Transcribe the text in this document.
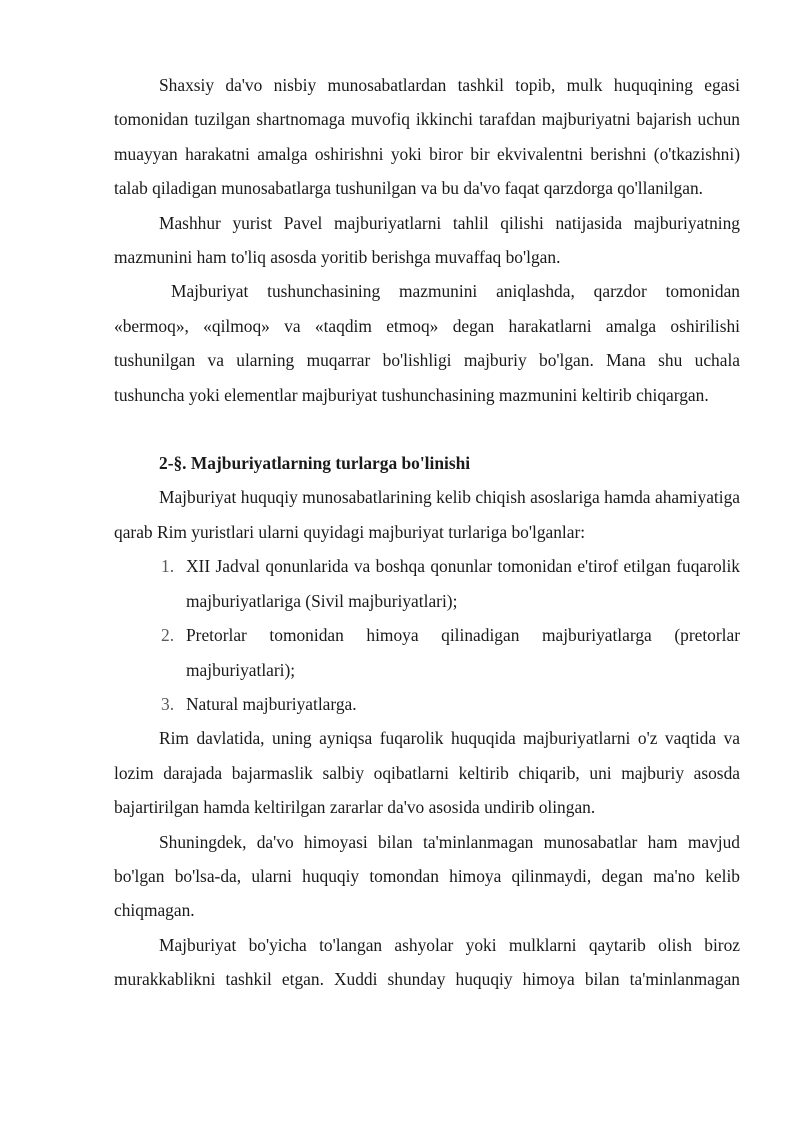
Shaxsiy da'vo nisbiy munosabatlardan tashkil topib, mulk huquqining egasi tomonidan tuzilgan shartnomaga muvofiq ikkinchi tarafdan majburiyatni bajarish uchun muayyan harakatni amalga oshirishni yoki biror bir ekvivalentni berishni (o'tkazishni) talab qiladigan munosabatlarga tushunilgan va bu da'vo faqat qarzdorga qo'llanilgan.

Mashhur yurist Pavel majburiyatlarni tahlil qilishi natijasida majburiyatning mazmunini ham to'liq asosda yoritib berishga muvaffaq bo'lgan.

Majburiyat tushunchasining mazmunini aniqlashda, qarzdor tomonidan «bermoq», «qilmoq» va «taqdim etmoq» degan harakatlarni amalga oshirilishi tushunilgan va ularning muqarrar bo'lishligi majburiy bo'lgan. Mana shu uchala tushuncha yoki elementlar majburiyat tushunchasining mazmunini keltirib chiqargan.

2-§. Majburiyatlarning turlarga bo'linishi

Majburiyat huquqiy munosabatlarining kelib chiqish asoslariga hamda ahamiyatiga qarab Rim yuristlari ularni quyidagi majburiyat turlariga bo'lganlar:

1. XII Jadval qonunlarida va boshqa qonunlar tomonidan e'tirof etilgan fuqarolik majburiyatlariga (Sivil majburiyatlari);
2. Pretorlar tomonidan himoya qilinadigan majburiyatlarga (pretorlar majburiyatlari);
3. Natural majburiyatlarga.

Rim davlatida, uning ayniqsa fuqarolik huquqida majburiyatlarni o'z vaqtida va lozim darajada bajarmaslik salbiy oqibatlarni keltirib chiqarib, uni majburiy asosda bajartirilgan hamda keltirilgan zararlar da'vo asosida undirib olingan.

Shuningdek, da'vo himoyasi bilan ta'minlanmagan munosabatlar ham mavjud bo'lgan bo'lsa-da, ularni huquqiy tomondan himoya qilinmaydi, degan ma'no kelib chiqmagan.

Majburiyat bo'yicha to'langan ashyolar yoki mulklarni qaytarib olish biroz murakkablikni tashkil etgan. Xuddi shunday huquqiy himoya bilan ta'minlanmagan
